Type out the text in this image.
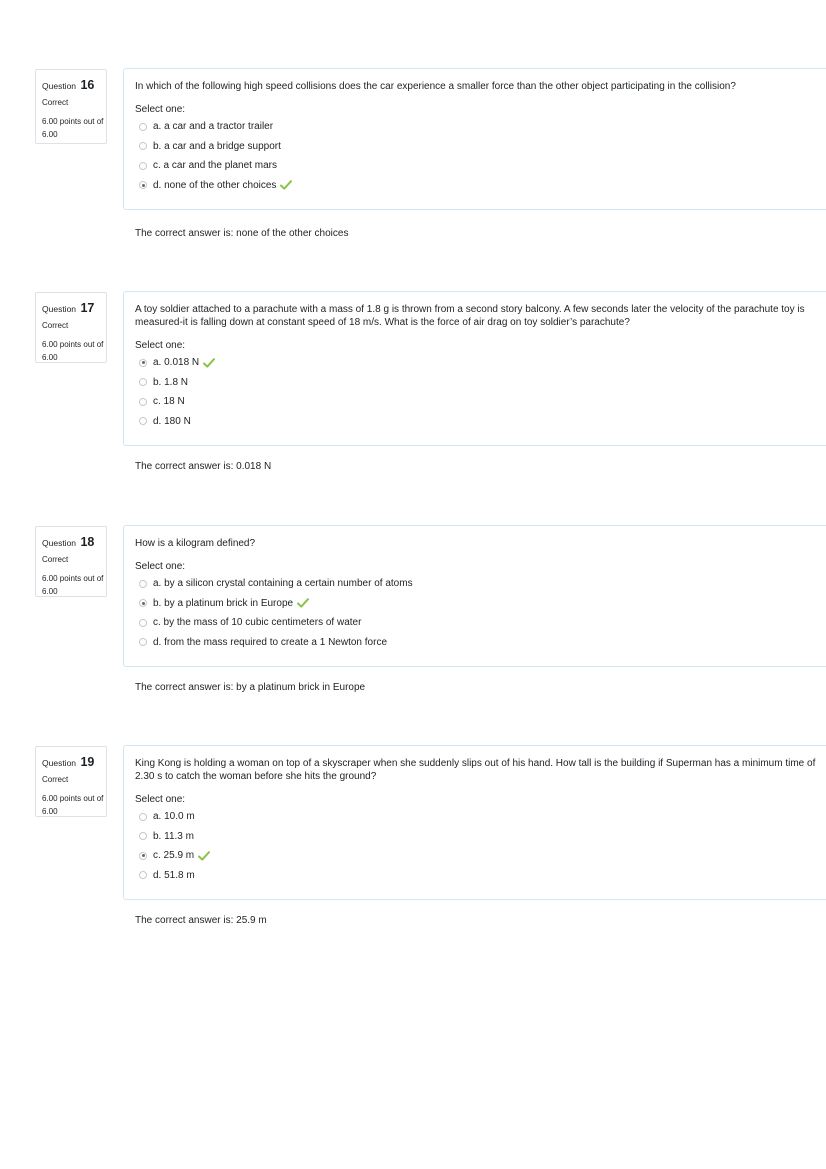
Question 16
Correct
6.00 points out of 6.00
In which of the following high speed collisions does the car experience a smaller force than the other object participating in the collision?
Select one:
a. a car and a tractor trailer
b. a car and a bridge support
c. a car and the planet mars
d. none of the other choices
The correct answer is: none of the other choices
Question 17
Correct
6.00 points out of 6.00
A toy soldier attached to a parachute with a mass of 1.8 g is thrown from a second story balcony. A few seconds later the velocity of the parachute toy is measured-it is falling down at constant speed of 18 m/s. What is the force of air drag on toy soldier’s parachute?
Select one:
a. 0.018 N
b. 1.8 N
c. 18 N
d. 180 N
The correct answer is: 0.018 N
Question 18
Correct
6.00 points out of 6.00
How is a kilogram defined?
Select one:
a. by a silicon crystal containing a certain number of atoms
b. by a platinum brick in Europe
c. by the mass of 10 cubic centimeters of water
d. from the mass required to create a 1 Newton force
The correct answer is: by a platinum brick in Europe
Question 19
Correct
6.00 points out of 6.00
King Kong is holding a woman on top of a skyscraper when she suddenly slips out of his hand. How tall is the building if Superman has a minimum time of 2.30 s to catch the woman before she hits the ground?
Select one:
a. 10.0 m
b. 11.3 m
c. 25.9 m
d. 51.8 m
The correct answer is: 25.9 m
